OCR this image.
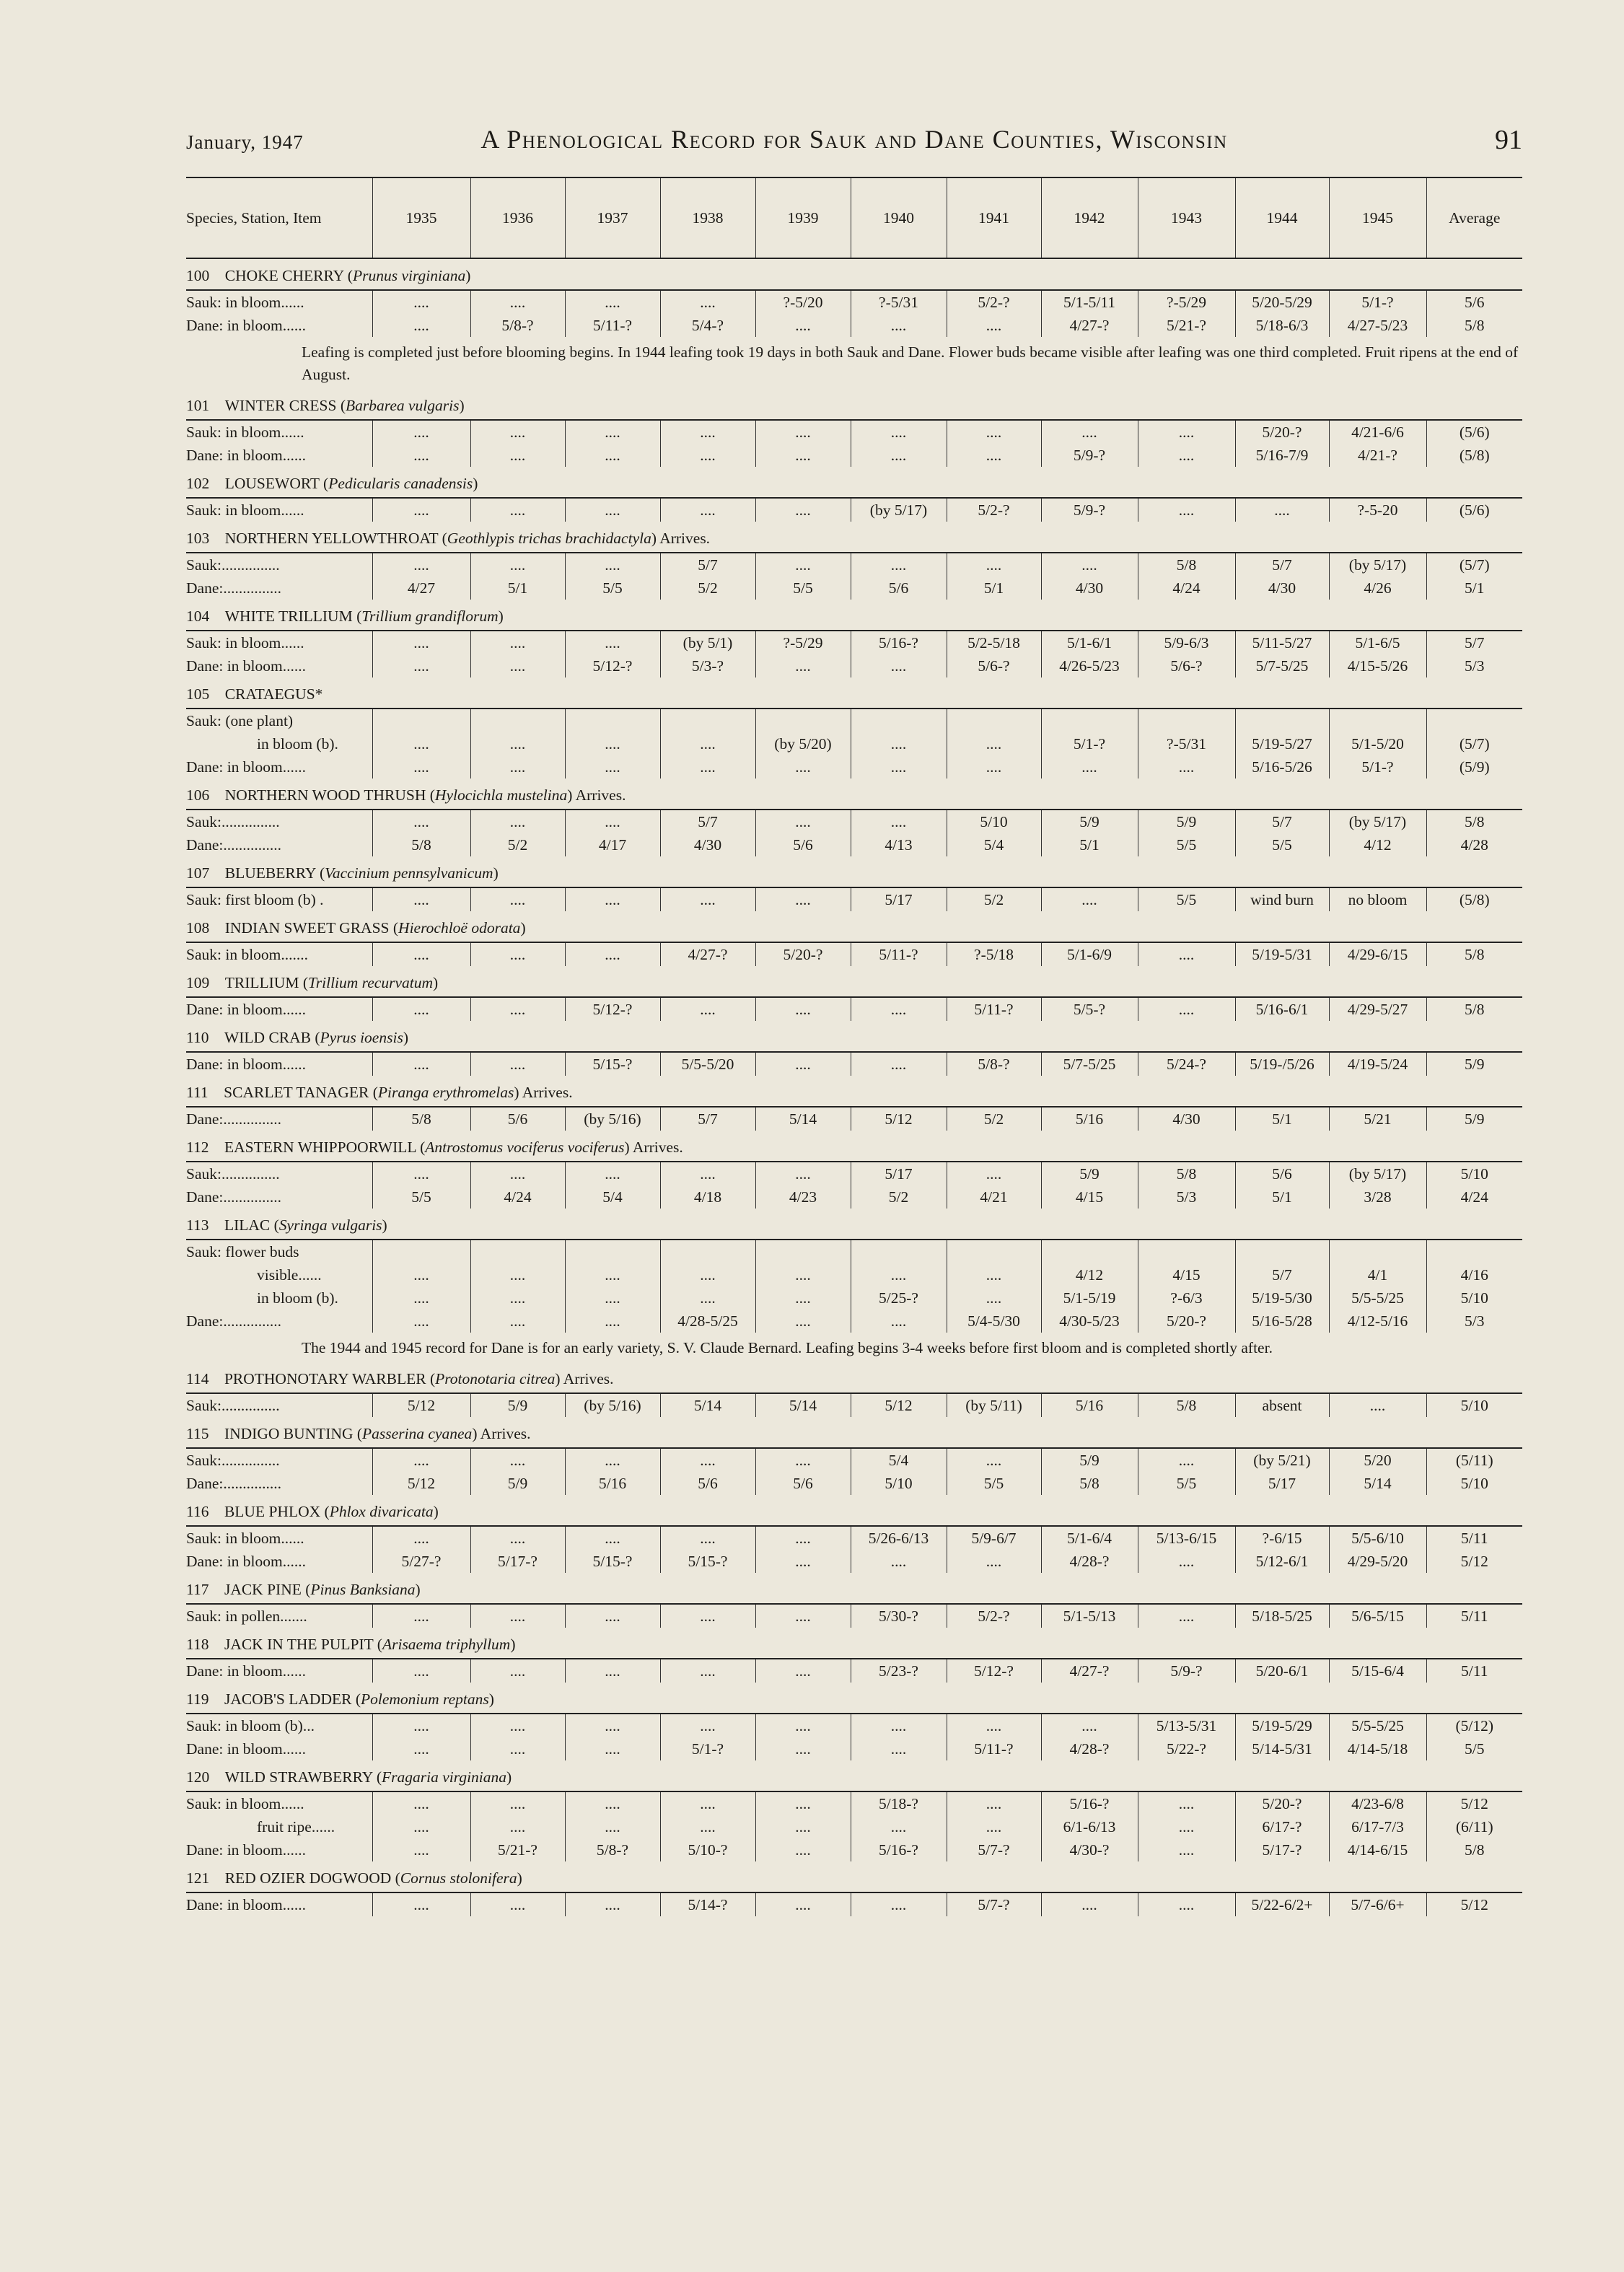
January, 1947	A Phenological Record for Sauk and Dane Counties, Wisconsin	91
Species, Station, Item	1935	1936	1937	1938	1939	1940	1941	1942	1943	1944	1945	Average
100  CHOKE CHERRY (Prunus virginiana)												
Sauk: in bloom......	....	....	....	....	?-5/20	?-5/31	5/2-?	5/1-5/11	?-5/29	5/20-5/29	5/1-?	5/6
Dane: in bloom......	....	5/8-?	5/11-?	5/4-?	....	....	....	4/27-?	5/21-?	5/18-6/3	4/27-5/23	5/8

Leafing is completed just before blooming begins. In 1944 leafing took 19 days in both Sauk and Dane. Flower buds became visible after leafing was one third completed. Fruit ripens at the end of August.												

101  WINTER CRESS (Barbarea vulgaris)												
Sauk: in bloom......	....	....	....	....	....	....	....	....	....	5/20-?	4/21-6/6	(5/6)
Dane: in bloom......	....	....	....	....	....	....	....	5/9-?	....	5/16-7/9	4/21-?	(5/8)
102  LOUSEWORT (Pedicularis canadensis)												
Sauk: in bloom......	....	....	....	....	....	(by 5/17)	5/2-?	5/9-?	....	....	?-5-20	(5/6)
103  NORTHERN YELLOWTHROAT (Geothlypis trichas brachidactyla) Arrives.												
Sauk:...............	....	....	....	5/7	....	....	....	....	5/8	5/7	(by 5/17)	(5/7)
Dane:...............	4/27	5/1	5/5	5/2	5/5	5/6	5/1	4/30	4/24	4/30	4/26	5/1
104  WHITE TRILLIUM (Trillium grandiflorum)												
Sauk: in bloom......	....	....	....	(by 5/1)	?-5/29	5/16-?	5/2-5/18	5/1-6/1	5/9-6/3	5/11-5/27	5/1-6/5	5/7
Dane: in bloom......	....	....	5/12-?	5/3-?	....	....	5/6-?	4/26-5/23	5/6-?	5/7-5/25	4/15-5/26	5/3
105  CRATAEGUS*												
Sauk: (one plant)												
in bloom (b).	....	....	....	....	(by 5/20)	....	....	5/1-?	?-5/31	5/19-5/27	5/1-5/20	(5/7)
Dane: in bloom......	....	....	....	....	....	....	....	....	....	5/16-5/26	5/1-?	(5/9)
106  NORTHERN WOOD THRUSH (Hylocichla mustelina) Arrives.												
Sauk:...............	....	....	....	5/7	....	....	5/10	5/9	5/9	5/7	(by 5/17)	5/8
Dane:...............	5/8	5/2	4/17	4/30	5/6	4/13	5/4	5/1	5/5	5/5	4/12	4/28
107  BLUEBERRY (Vaccinium pennsylvanicum)												
Sauk: first bloom (b) .	....	....	....	....	....	5/17	5/2	....	5/5	wind burn	no bloom	(5/8)
108  INDIAN SWEET GRASS (Hierochloë odorata)												
Sauk: in bloom.......	....	....	....	4/27-?	5/20-?	5/11-?	?-5/18	5/1-6/9	....	5/19-5/31	4/29-6/15	5/8
109  TRILLIUM (Trillium recurvatum)												
Dane: in bloom......	....	....	5/12-?	....	....	....	5/11-?	5/5-?	....	5/16-6/1	4/29-5/27	5/8
110  WILD CRAB (Pyrus ioensis)												
Dane: in bloom......	....	....	5/15-?	5/5-5/20	....	....	5/8-?	5/7-5/25	5/24-?	5/19-/5/26	4/19-5/24	5/9
111  SCARLET TANAGER (Piranga erythromelas) Arrives.												
Dane:...............	5/8	5/6	(by 5/16)	5/7	5/14	5/12	5/2	5/16	4/30	5/1	5/21	5/9
112  EASTERN WHIPPOORWILL (Antrostomus vociferus vociferus) Arrives.												
Sauk:...............	....	....	....	....	....	5/17	....	5/9	5/8	5/6	(by 5/17)	5/10
Dane:...............	5/5	4/24	5/4	4/18	4/23	5/2	4/21	4/15	5/3	5/1	3/28	4/24
113  LILAC (Syringa vulgaris)												
Sauk: flower buds												
visible......	....	....	....	....	....	....	....	4/12	4/15	5/7	4/1	4/16
in bloom (b).	....	....	....	....	....	5/25-?	....	5/1-5/19	?-6/3	5/19-5/30	5/5-5/25	5/10
Dane:...............	....	....	....	4/28-5/25	....	....	5/4-5/30	4/30-5/23	5/20-?	5/16-5/28	4/12-5/16	5/3

The 1944 and 1945 record for Dane is for an early variety, S. V. Claude Bernard. Leafing begins 3-4 weeks before first bloom and is completed shortly after.												

114  PROTHONOTARY WARBLER (Protonotaria citrea) Arrives.												
Sauk:...............	5/12	5/9	(by 5/16)	5/14	5/14	5/12	(by 5/11)	5/16	5/8	absent	....	5/10
115  INDIGO BUNTING (Passerina cyanea) Arrives.												
Sauk:...............	....	....	....	....	....	5/4	....	5/9	....	(by 5/21)	5/20	(5/11)
Dane:...............	5/12	5/9	5/16	5/6	5/6	5/10	5/5	5/8	5/5	5/17	5/14	5/10
116  BLUE PHLOX (Phlox divaricata)												
Sauk: in bloom......	....	....	....	....	....	5/26-6/13	5/9-6/7	5/1-6/4	5/13-6/15	?-6/15	5/5-6/10	5/11
Dane: in bloom......	5/27-?	5/17-?	5/15-?	5/15-?	....	....	....	4/28-?	....	5/12-6/1	4/29-5/20	5/12
117  JACK PINE (Pinus Banksiana)												
Sauk: in pollen.......	....	....	....	....	....	5/30-?	5/2-?	5/1-5/13	....	5/18-5/25	5/6-5/15	5/11
118  JACK IN THE PULPIT (Arisaema triphyllum)												
Dane: in bloom......	....	....	....	....	....	5/23-?	5/12-?	4/27-?	5/9-?	5/20-6/1	5/15-6/4	5/11
119  JACOB'S LADDER (Polemonium reptans)												
Sauk: in bloom (b)...	....	....	....	....	....	....	....	....	5/13-5/31	5/19-5/29	5/5-5/25	(5/12)
Dane: in bloom......	....	....	....	5/1-?	....	....	5/11-?	4/28-?	5/22-?	5/14-5/31	4/14-5/18	5/5
120  WILD STRAWBERRY (Fragaria virginiana)												
Sauk: in bloom......	....	....	....	....	....	5/18-?	....	5/16-?	....	5/20-?	4/23-6/8	5/12
fruit ripe......	....	....	....	....	....	....	....	6/1-6/13	....	6/17-?	6/17-7/3	(6/11)
Dane: in bloom......	....	5/21-?	5/8-?	5/10-?	....	5/16-?	5/7-?	4/30-?	....	5/17-?	4/14-6/15	5/8
121  RED OZIER DOGWOOD (Cornus stolonifera)												
Dane: in bloom......	....	....	....	5/14-?	....	....	5/7-?	....	....	5/22-6/2+	5/7-6/6+	5/12
